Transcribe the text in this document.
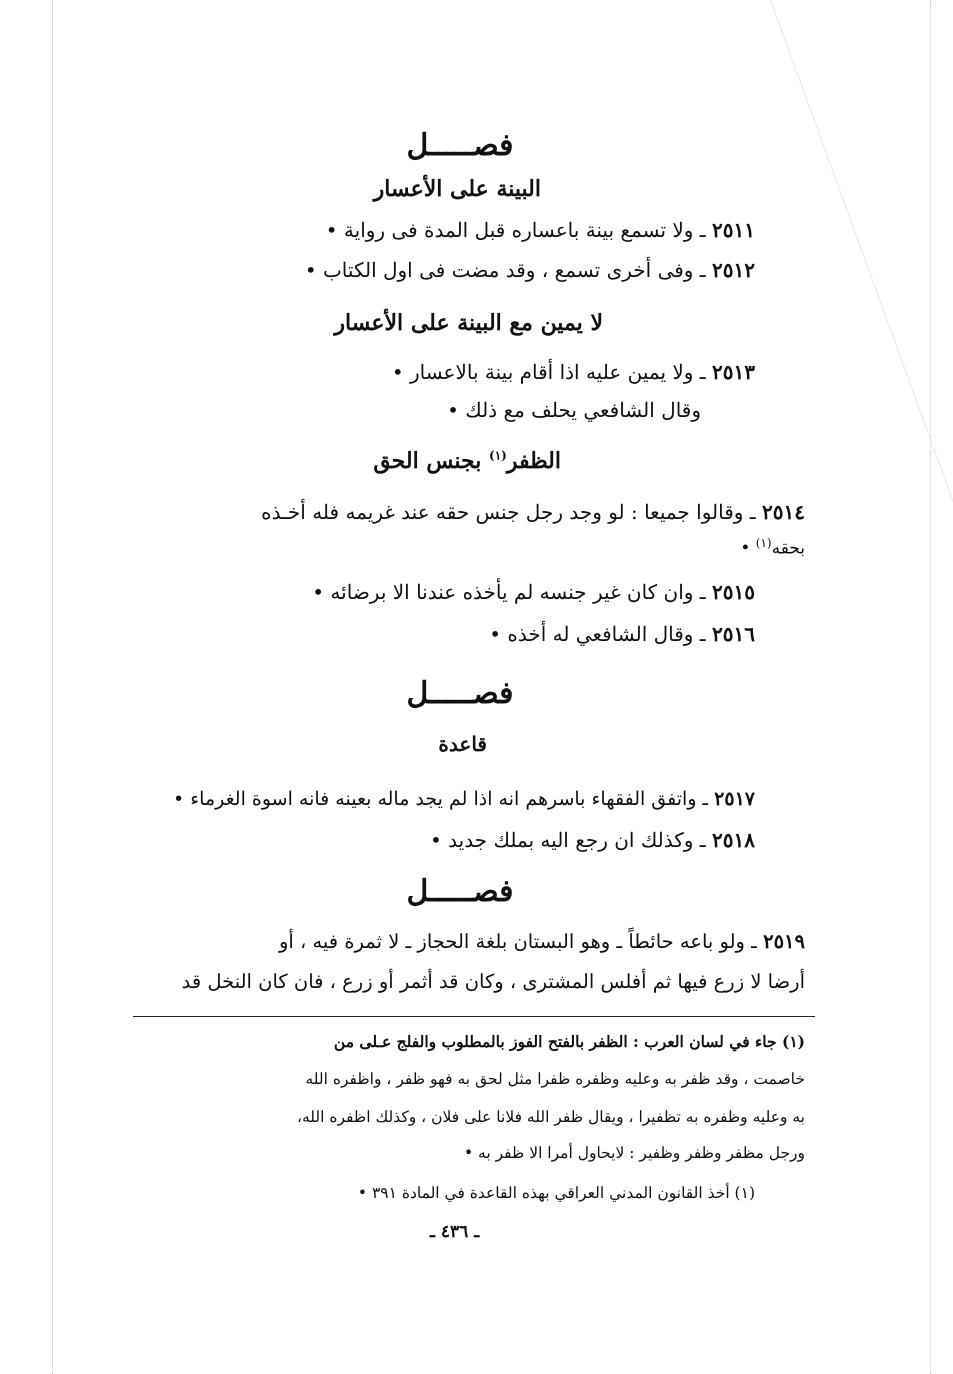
فصـــــل
البينة على الأعسار
٢٥١١ ـ ولا تسمع بينة باعساره قبل المدة فى رواية •
٢٥١٢ ـ وفى أخرى تسمع ، وقد مضت فى اول الكتاب •
لا يمين مع البينة على الأعسار
٢٥١٣ ـ ولا يمين عليه اذا أقام بينة بالاعسار •
وقال الشافعي يحلف مع ذلك •
الظفر$^{(١)}$ بجنس الحق
٢٥١٤ ـ وقالوا جميعا : لو وجد رجل جنس حقه عند غريمه فله أخـذه
بحقه$^{(١)}$ •
٢٥١٥ ـ وان كان غير جنسه لم يأخذه عندنا الا برضائه •
٢٥١٦ ـ وقال الشافعي له أخذه •
فصـــــل
قاعدة
٢٥١٧ ـ واتفق الفقهاء باسرهم انه اذا لم يجد ماله بعينه فانه اسوة الغرماء •
٢٥١٨ ـ وكذلك ان رجع اليه بملك جديد •
فصـــــل
٢٥١٩ ـ ولو باعه حائطاً ـ وهو البستان بلغة الحجاز ـ لا ثمرة فيه ، أو
أرضا لا زرع فيها ثم أفلس المشترى ، وكان قد أثمر أو زرع ، فان كان النخل قد
(١) جاء في لسان العرب : الظفر بالفتح الفوز بالمطلوب والفلج عـلى من
خاصمت ، وقد ظفر به وعليه وظفره ظفرا مثل لحق به فهو ظفر ، واظفره الله
به وعليه وظفره به تظفيرا ، ويقال ظفر الله فلانا على فلان ، وكذلك اظفره الله،
ورجل مظفر وظفر وظفير : لايحاول أمرا الا ظفر به •
(١) أخذ القانون المدني العراقي بهذه القاعدة في المادة ٣٩١ •
ـ ٤٣٦ ـ
